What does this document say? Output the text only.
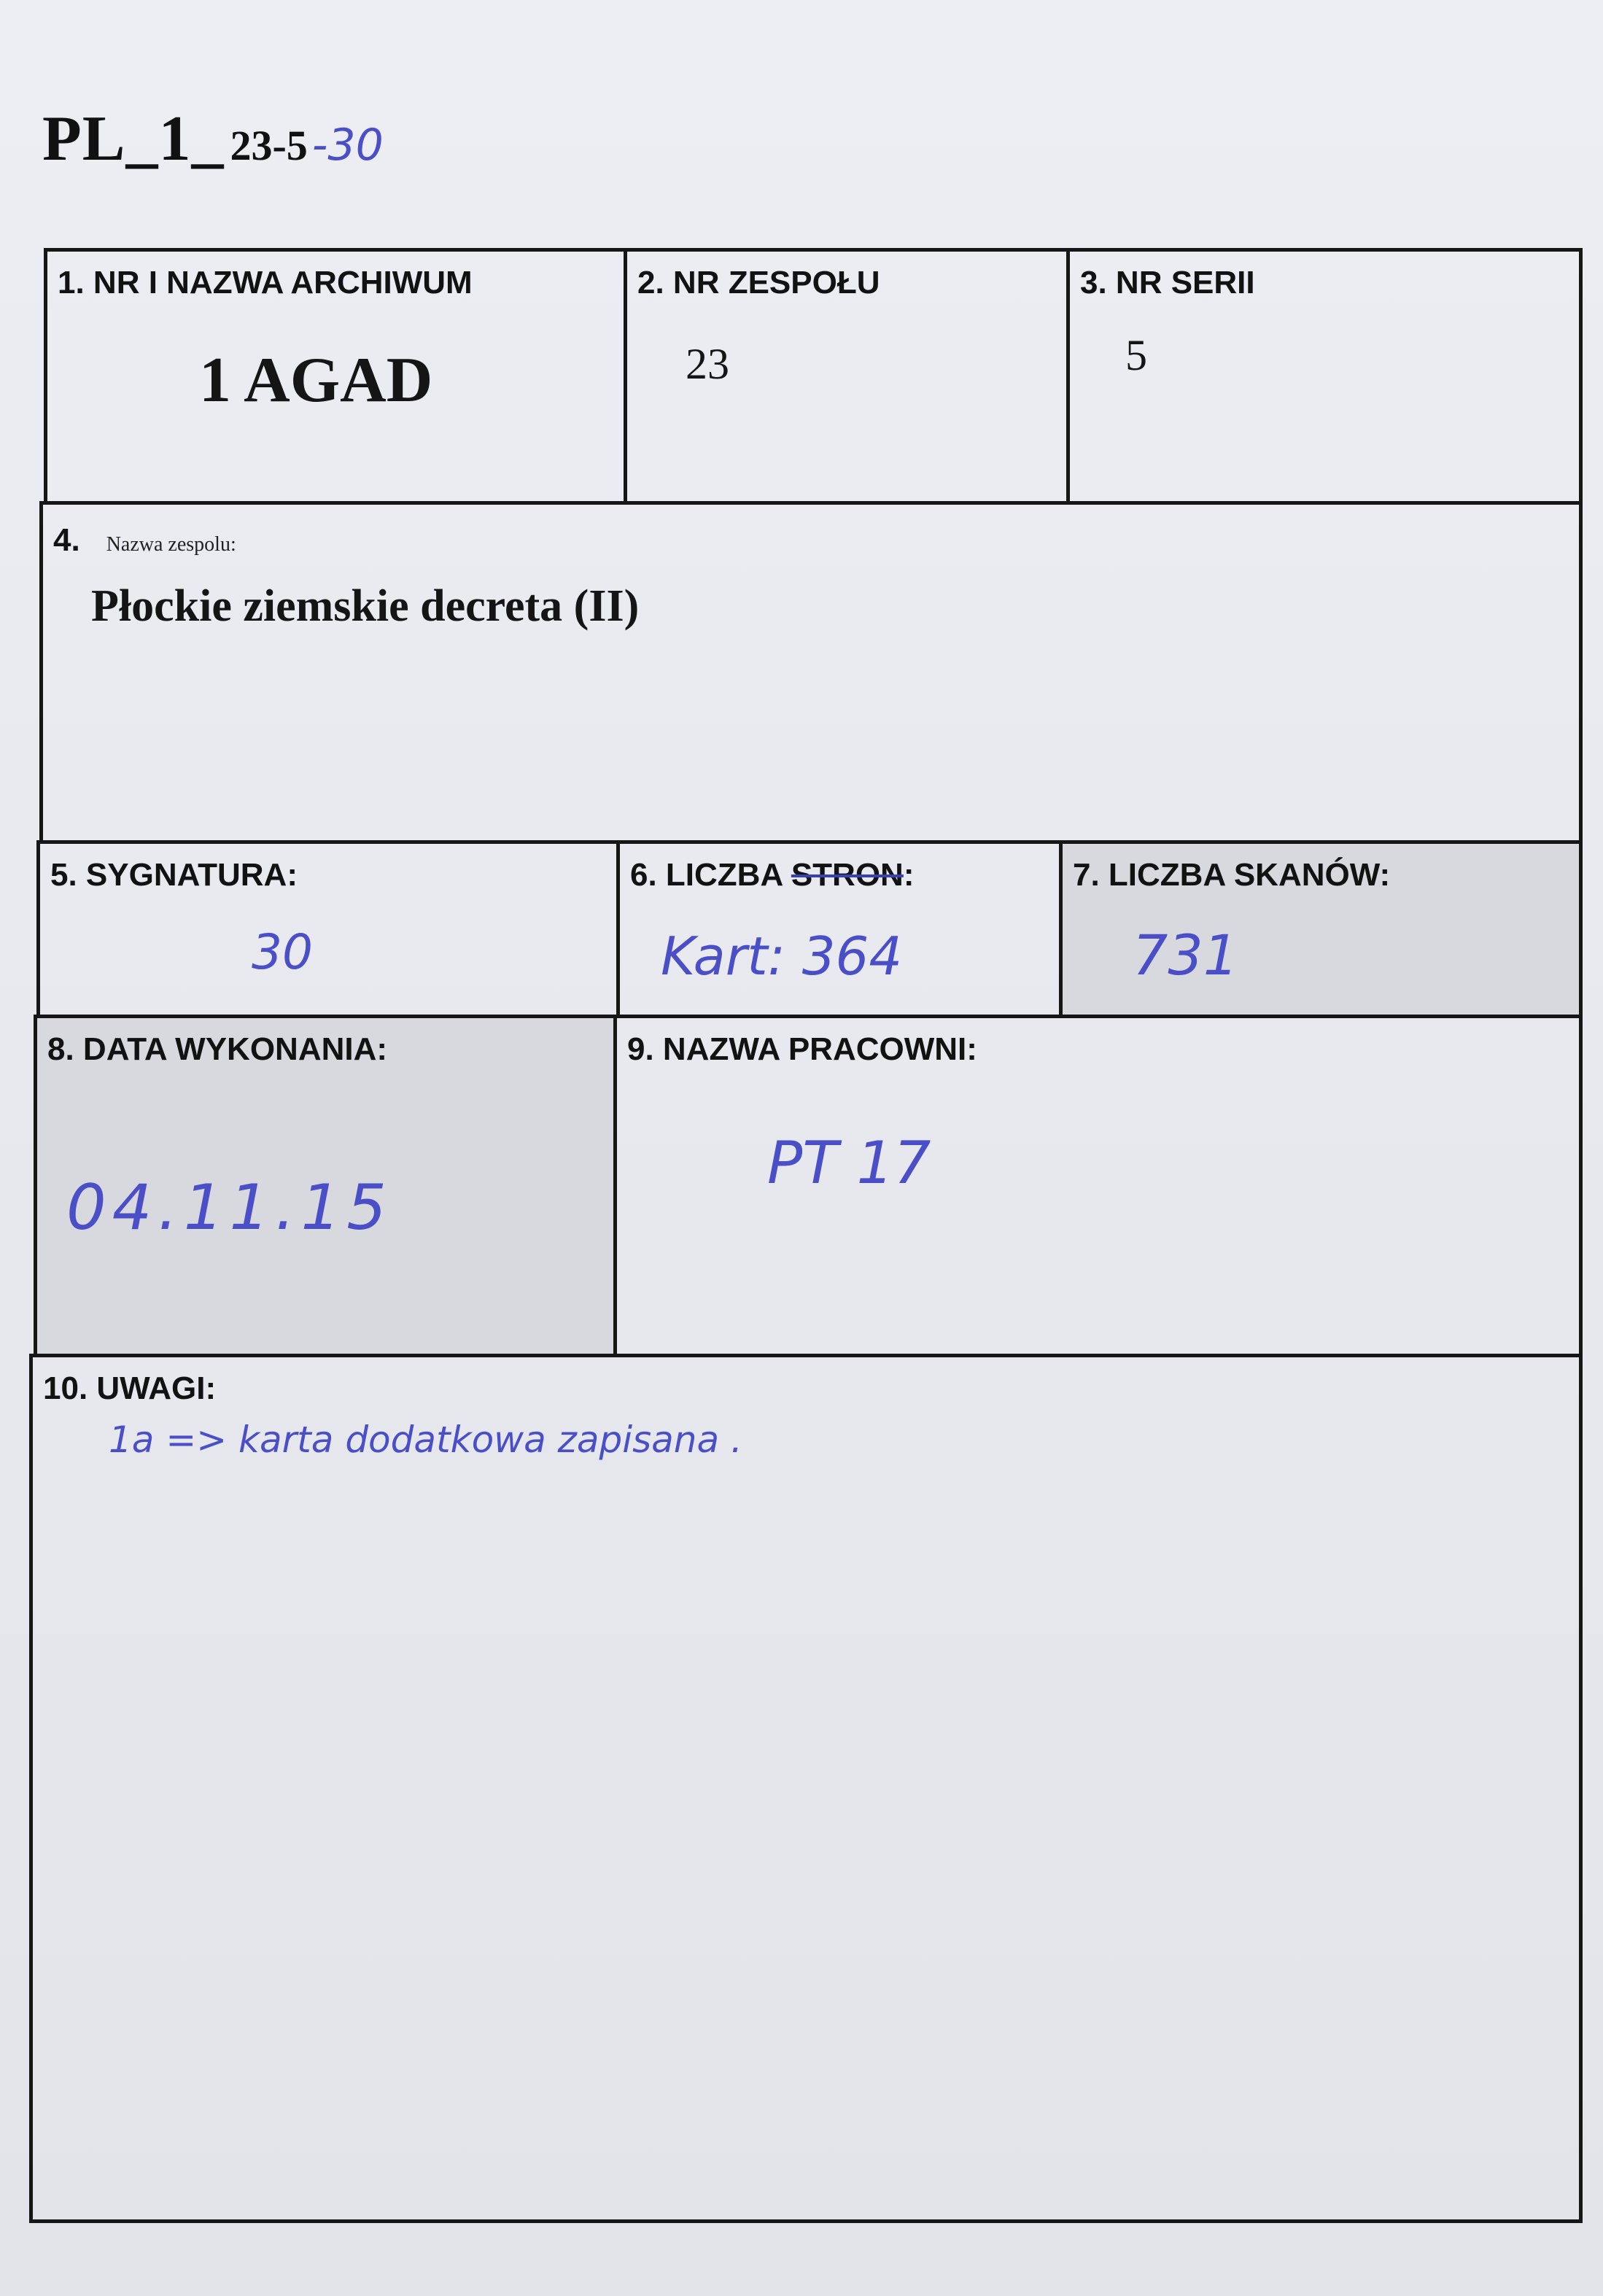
PL_1_ 23-5 -30
1. NR I NAZWA ARCHIWUM
1 AGAD
2. NR ZESPOŁU
23
3. NR SERII
5
4. Nazwa zespolu:
Płockie ziemskie decreta (II)
5. SYGNATURA:
30
6. LICZBA STRON:
Kart: 364
7. LICZBA SKANÓW:
731
8. DATA WYKONANIA:
04.11.15
9. NAZWA PRACOWNI:
PT 17
10. UWAGI:
1a => karta dodatkowa zapisana .
